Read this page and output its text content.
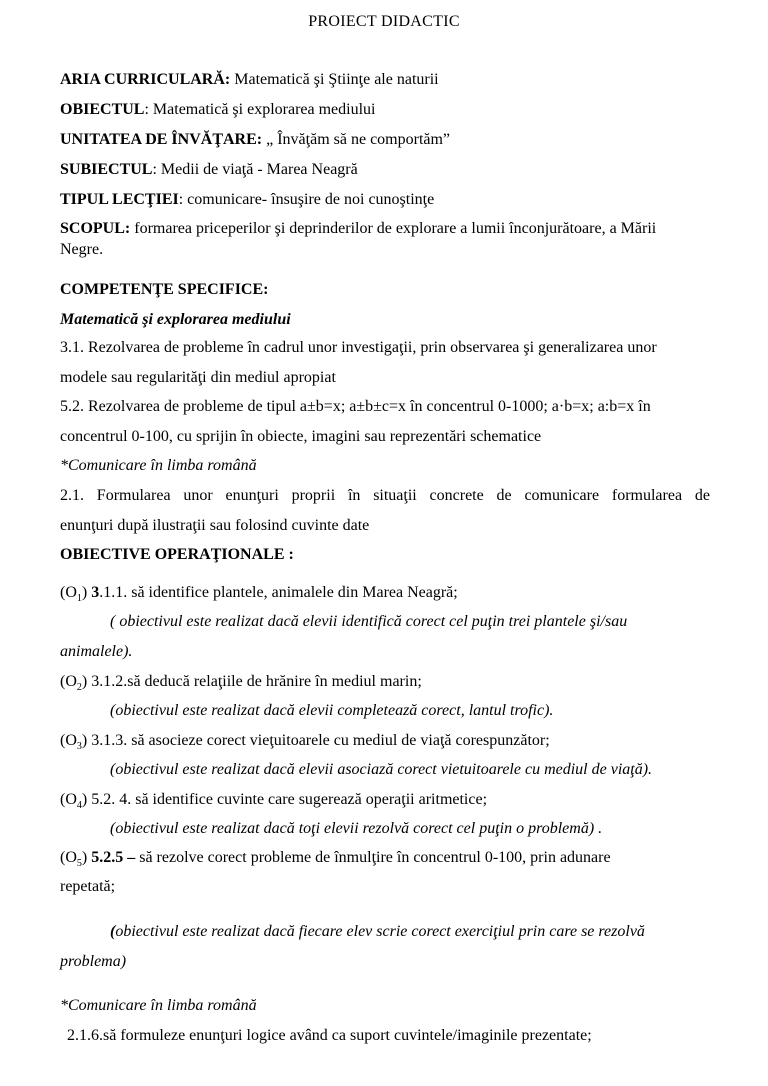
PROIECT DIDACTIC
ARIA CURRICULARĂ: Matematică şi Ştiinţe ale naturii
OBIECTUL: Matematică şi explorarea mediului
UNITATEA DE ÎNVĂŢARE: „ Învăţăm să ne comportăm”
SUBIECTUL: Medii de viaţă - Marea Neagră
TIPUL LECŢIEI: comunicare- însuşire de noi cunoştinţe
SCOPUL: formarea priceperilor şi deprinderilor de explorare a lumii înconjurătoare, a Mării
Negre.
COMPETENŢE SPECIFICE:
Matematică şi explorarea mediului
3.1. Rezolvarea de probleme în cadrul unor investigaţii, prin observarea şi generalizarea unor
modele sau regularităţi din mediul apropiat
5.2. Rezolvarea de probleme de tipul a±b=x; a±b±c=x în concentrul 0-1000; a·b=x; a:b=x în
concentrul 0-100, cu sprijin în obiecte, imagini sau reprezentări schematice
*Comunicare în limba română
2.1. Formularea unor enunţuri proprii în situaţii concrete de comunicare formularea de
enunţuri după ilustraţii sau folosind cuvinte date
OBIECTIVE OPERAŢIONALE :
$(O_1)$ 3.1.1. să identifice plantele, animalele din Marea Neagră;
( obiectivul este realizat dacă elevii identifică corect cel puţin trei plantele şi/sau
animalele).
$(O_2)$ 3.1.2.să deducă relaţiile de hrănire în mediul marin;
(obiectivul este realizat dacă elevii completează corect, lantul trofic).
$(O_3)$ 3.1.3. să asocieze corect vieţuitoarele cu mediul de viaţă corespunzător;
(obiectivul este realizat dacă elevii asociază corect vietuitoarele cu mediul de viaţă).
$(O_4)$ 5.2. 4. să identifice cuvinte care sugerează operaţii aritmetice;
(obiectivul este realizat dacă toţi elevii rezolvă corect cel puţin o problemă) .
$(O_5)$ 5.2.5 – să rezolve corect probleme de înmulţire în concentrul 0-100, prin adunare
repetată;
(obiectivul este realizat dacă fiecare elev scrie corect exerciţiul prin care se rezolvă
problema)
*Comunicare în limba română
2.1.6.să formuleze enunţuri logice având ca suport cuvintele/imaginile prezentate;
